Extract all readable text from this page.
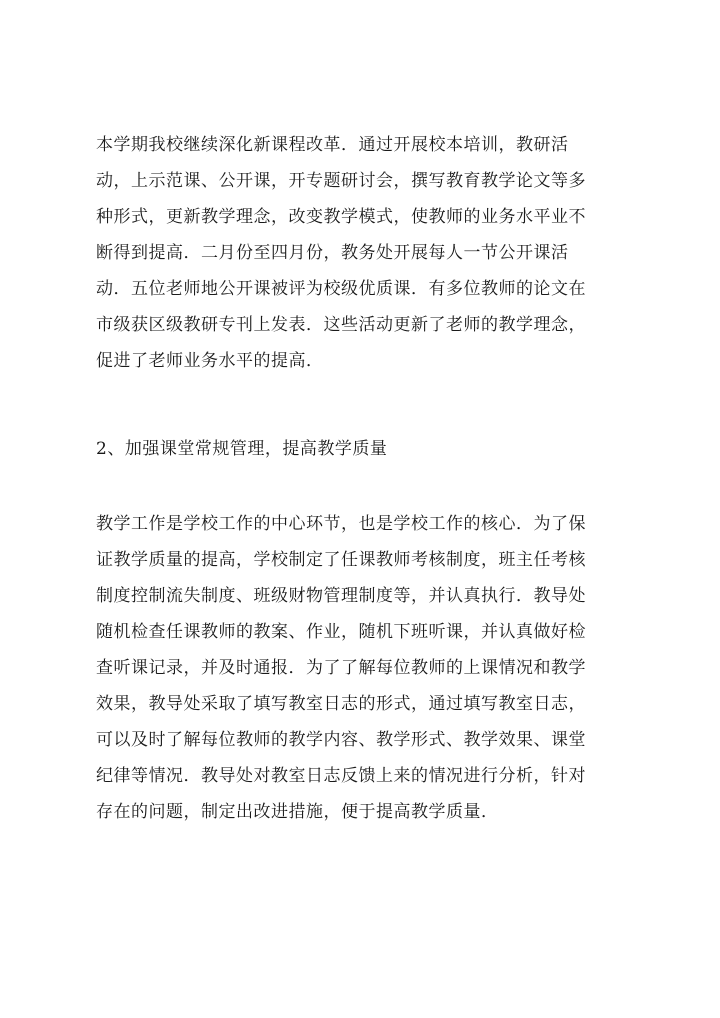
本学期我校继续深化新课程改革．通过开展校本培训，教研活
动，上示范课、公开课，开专题研讨会，撰写教育教学论文等多
种形式，更新教学理念，改变教学模式，使教师的业务水平业不
断得到提高．二月份至四月份，教务处开展每人一节公开课活
动．五位老师地公开课被评为校级优质课．有多位教师的论文在
市级获区级教研专刊上发表．这些活动更新了老师的教学理念，
促进了老师业务水平的提高．

2、加强课堂常规管理，提高教学质量

教学工作是学校工作的中心环节，也是学校工作的核心．为了保
证教学质量的提高，学校制定了任课教师考核制度，班主任考核
制度控制流失制度、班级财物管理制度等，并认真执行．教导处
随机检查任课教师的教案、作业，随机下班听课，并认真做好检
查听课记录，并及时通报．为了了解每位教师的上课情况和教学
效果，教导处采取了填写教室日志的形式，通过填写教室日志，
可以及时了解每位教师的教学内容、教学形式、教学效果、课堂
纪律等情况．教导处对教室日志反馈上来的情况进行分析，针对
存在的问题，制定出改进措施，便于提高教学质量．
